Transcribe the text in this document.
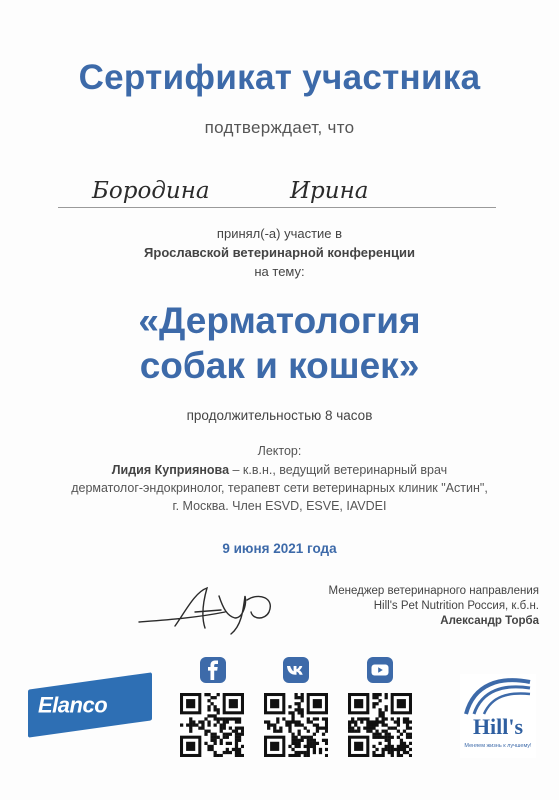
Сертификат участника
подтверждает, что
Бородина	Ирина
принял(-а) участие в
Ярославской ветеринарной конференции
на тему:
«Дерматология
собак и кошек»
продолжительностью 8 часов
Лектор:
Лидия Куприянова – к.в.н., ведущий ветеринарный врач
дерматолог-эндокринолог, терапевт сети ветеринарных клиник "Астин",
г. Москва. Член ESVD, ESVE, IAVDEI
9 июня 2021 года
Менеджер ветеринарного направления
Hill's Pet Nutrition Россия, к.б.н.
Александр Торба
Elanco
Hill's
Меняем жизнь к лучшему!
